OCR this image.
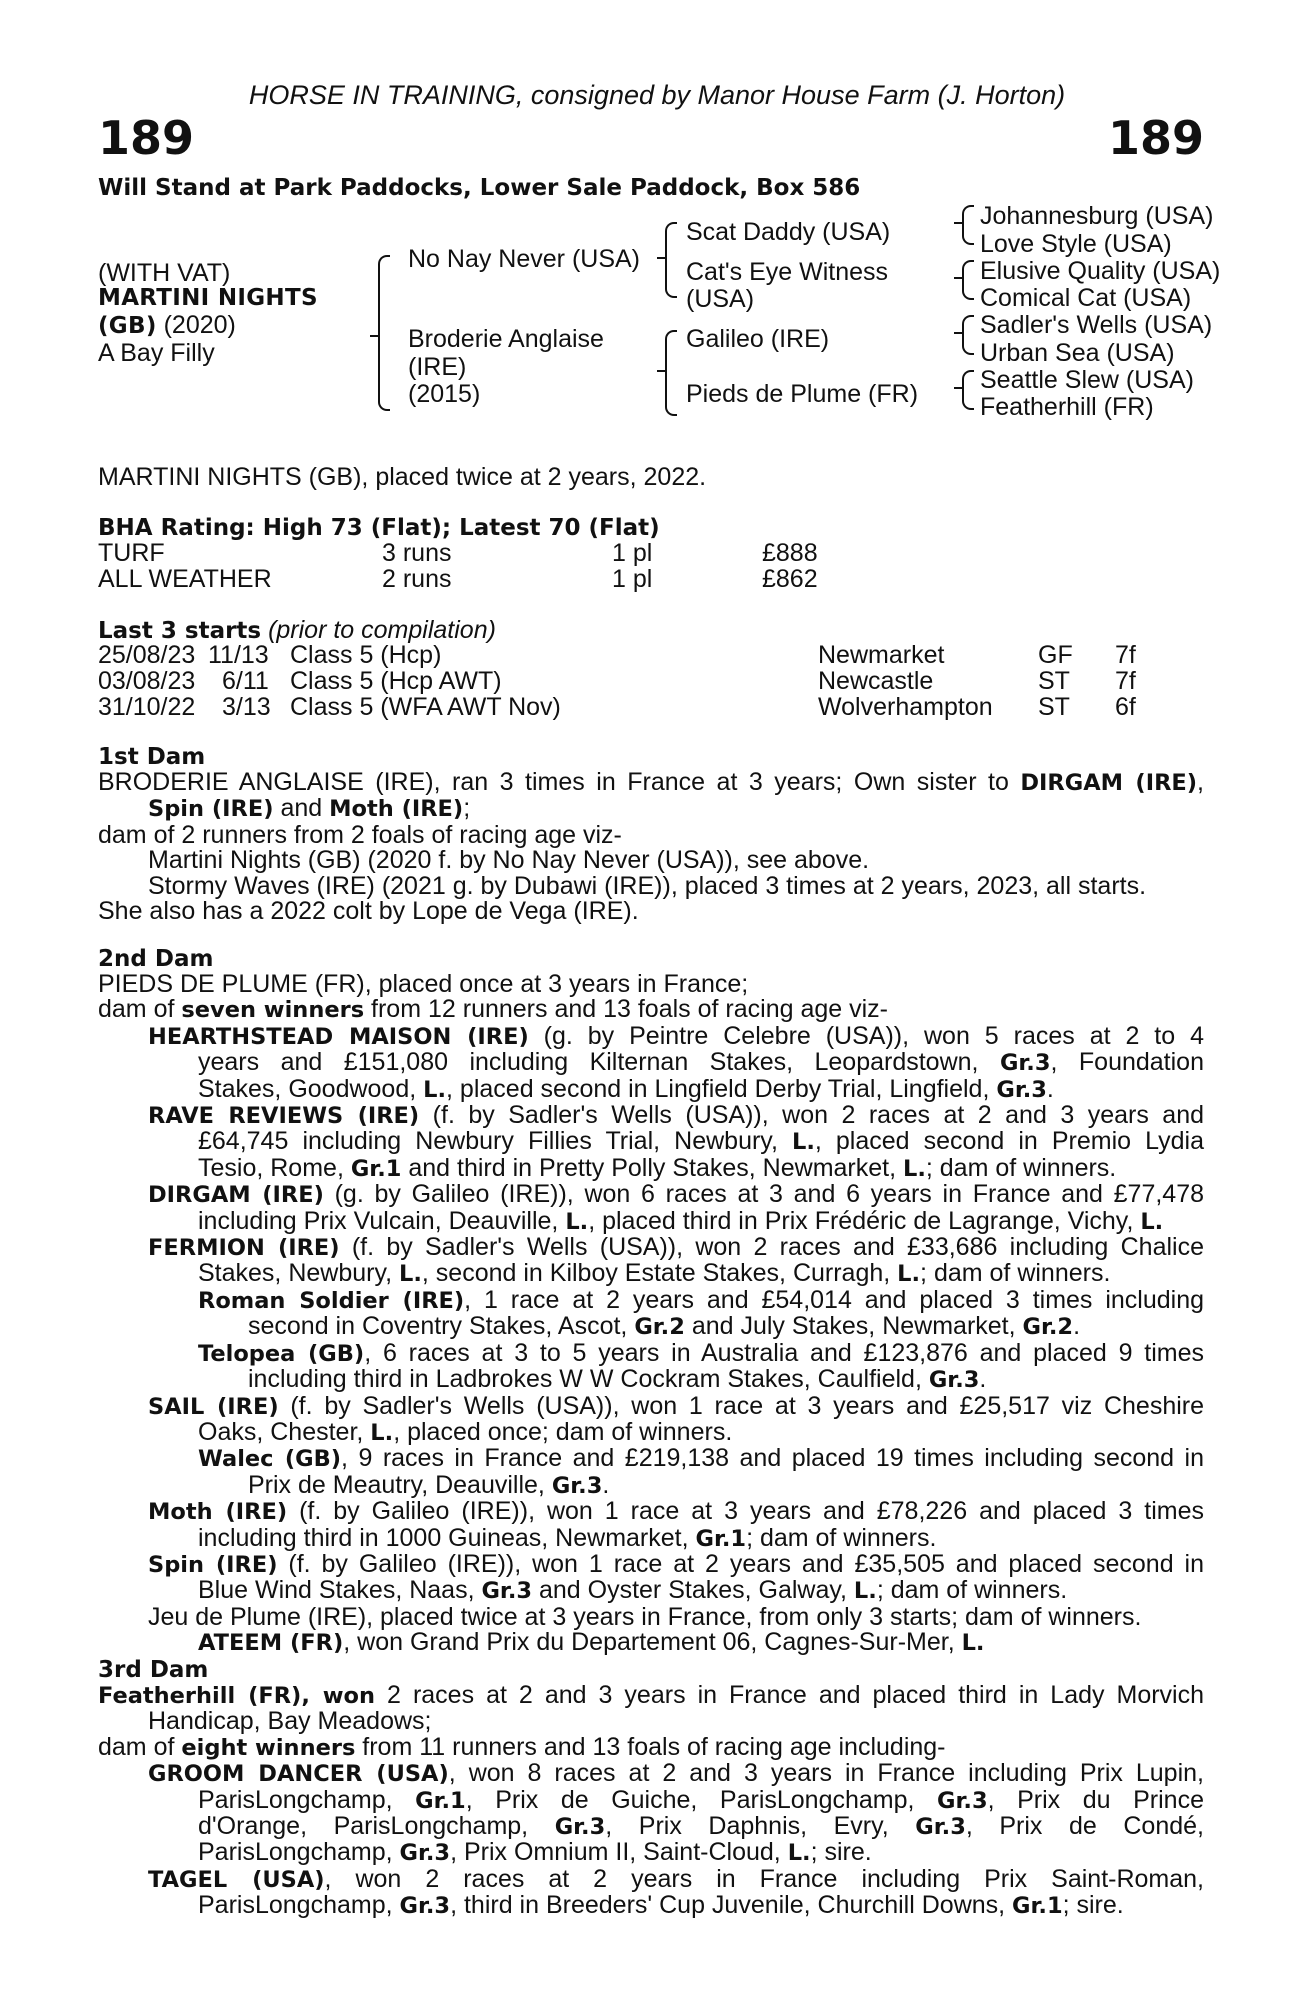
HORSE IN TRAINING, consigned by Manor House Farm (J. Horton)
189	189
Will Stand at Park Paddocks, Lower Sale Paddock, Box 586
(WITH VAT)
MARTINI NIGHTS
(GB) (2020)
A Bay Filly
No Nay Never (USA)
Broderie Anglaise
(IRE)
(2015)
Scat Daddy (USA)
Cat's Eye Witness
(USA)
Galileo (IRE)
Pieds de Plume (FR)
Johannesburg (USA)
Love Style (USA)
Elusive Quality (USA)
Comical Cat (USA)
Sadler's Wells (USA)
Urban Sea (USA)
Seattle Slew (USA)
Featherhill (FR)
MARTINI NIGHTS (GB), placed twice at 2 years, 2022.
BHA Rating: High 73 (Flat); Latest 70 (Flat)
TURF	3 runs	1 pl	£888
ALL WEATHER	2 runs	1 pl	£862
Last 3 starts (prior to compilation)
25/08/23 11/13 Class 5 (Hcp)	Newmarket	GF 7f
03/08/23 6/11 Class 5 (Hcp AWT)	Newcastle	ST 7f
31/10/22 3/13 Class 5 (WFA AWT Nov)	Wolverhampton ST 6f
1st Dam
BRODERIE ANGLAISE (IRE), ran 3 times in France at 3 years; Own sister to DIRGAM (IRE),
Spin (IRE) and Moth (IRE);
dam of 2 runners from 2 foals of racing age viz-
Martini Nights (GB) (2020 f. by No Nay Never (USA)), see above.
Stormy Waves (IRE) (2021 g. by Dubawi (IRE)), placed 3 times at 2 years, 2023, all starts.
She also has a 2022 colt by Lope de Vega (IRE).
2nd Dam
PIEDS DE PLUME (FR), placed once at 3 years in France;
dam of seven winners from 12 runners and 13 foals of racing age viz-
HEARTHSTEAD MAISON (IRE) (g. by Peintre Celebre (USA)), won 5 races at 2 to 4
years and £151,080 including Kilternan Stakes, Leopardstown, Gr.3, Foundation
Stakes, Goodwood, L., placed second in Lingfield Derby Trial, Lingfield, Gr.3.
RAVE REVIEWS (IRE) (f. by Sadler's Wells (USA)), won 2 races at 2 and 3 years and
£64,745 including Newbury Fillies Trial, Newbury, L., placed second in Premio Lydia
Tesio, Rome, Gr.1 and third in Pretty Polly Stakes, Newmarket, L.; dam of winners.
DIRGAM (IRE) (g. by Galileo (IRE)), won 6 races at 3 and 6 years in France and £77,478
including Prix Vulcain, Deauville, L., placed third in Prix Frédéric de Lagrange, Vichy, L.
FERMION (IRE) (f. by Sadler's Wells (USA)), won 2 races and £33,686 including Chalice
Stakes, Newbury, L., second in Kilboy Estate Stakes, Curragh, L.; dam of winners.
Roman Soldier (IRE), 1 race at 2 years and £54,014 and placed 3 times including
second in Coventry Stakes, Ascot, Gr.2 and July Stakes, Newmarket, Gr.2.
Telopea (GB), 6 races at 3 to 5 years in Australia and £123,876 and placed 9 times
including third in Ladbrokes W W Cockram Stakes, Caulfield, Gr.3.
SAIL (IRE) (f. by Sadler's Wells (USA)), won 1 race at 3 years and £25,517 viz Cheshire
Oaks, Chester, L., placed once; dam of winners.
Walec (GB), 9 races in France and £219,138 and placed 19 times including second in
Prix de Meautry, Deauville, Gr.3.
Moth (IRE) (f. by Galileo (IRE)), won 1 race at 3 years and £78,226 and placed 3 times
including third in 1000 Guineas, Newmarket, Gr.1; dam of winners.
Spin (IRE) (f. by Galileo (IRE)), won 1 race at 2 years and £35,505 and placed second in
Blue Wind Stakes, Naas, Gr.3 and Oyster Stakes, Galway, L.; dam of winners.
Jeu de Plume (IRE), placed twice at 3 years in France, from only 3 starts; dam of winners.
ATEEM (FR), won Grand Prix du Departement 06, Cagnes-Sur-Mer, L.
3rd Dam
Featherhill (FR), won 2 races at 2 and 3 years in France and placed third in Lady Morvich
Handicap, Bay Meadows;
dam of eight winners from 11 runners and 13 foals of racing age including-
GROOM DANCER (USA), won 8 races at 2 and 3 years in France including Prix Lupin,
ParisLongchamp, Gr.1, Prix de Guiche, ParisLongchamp, Gr.3, Prix du Prince
d'Orange, ParisLongchamp, Gr.3, Prix Daphnis, Evry, Gr.3, Prix de Condé,
ParisLongchamp, Gr.3, Prix Omnium II, Saint-Cloud, L.; sire.
TAGEL (USA), won 2 races at 2 years in France including Prix Saint-Roman,
ParisLongchamp, Gr.3, third in Breeders' Cup Juvenile, Churchill Downs, Gr.1; sire.
